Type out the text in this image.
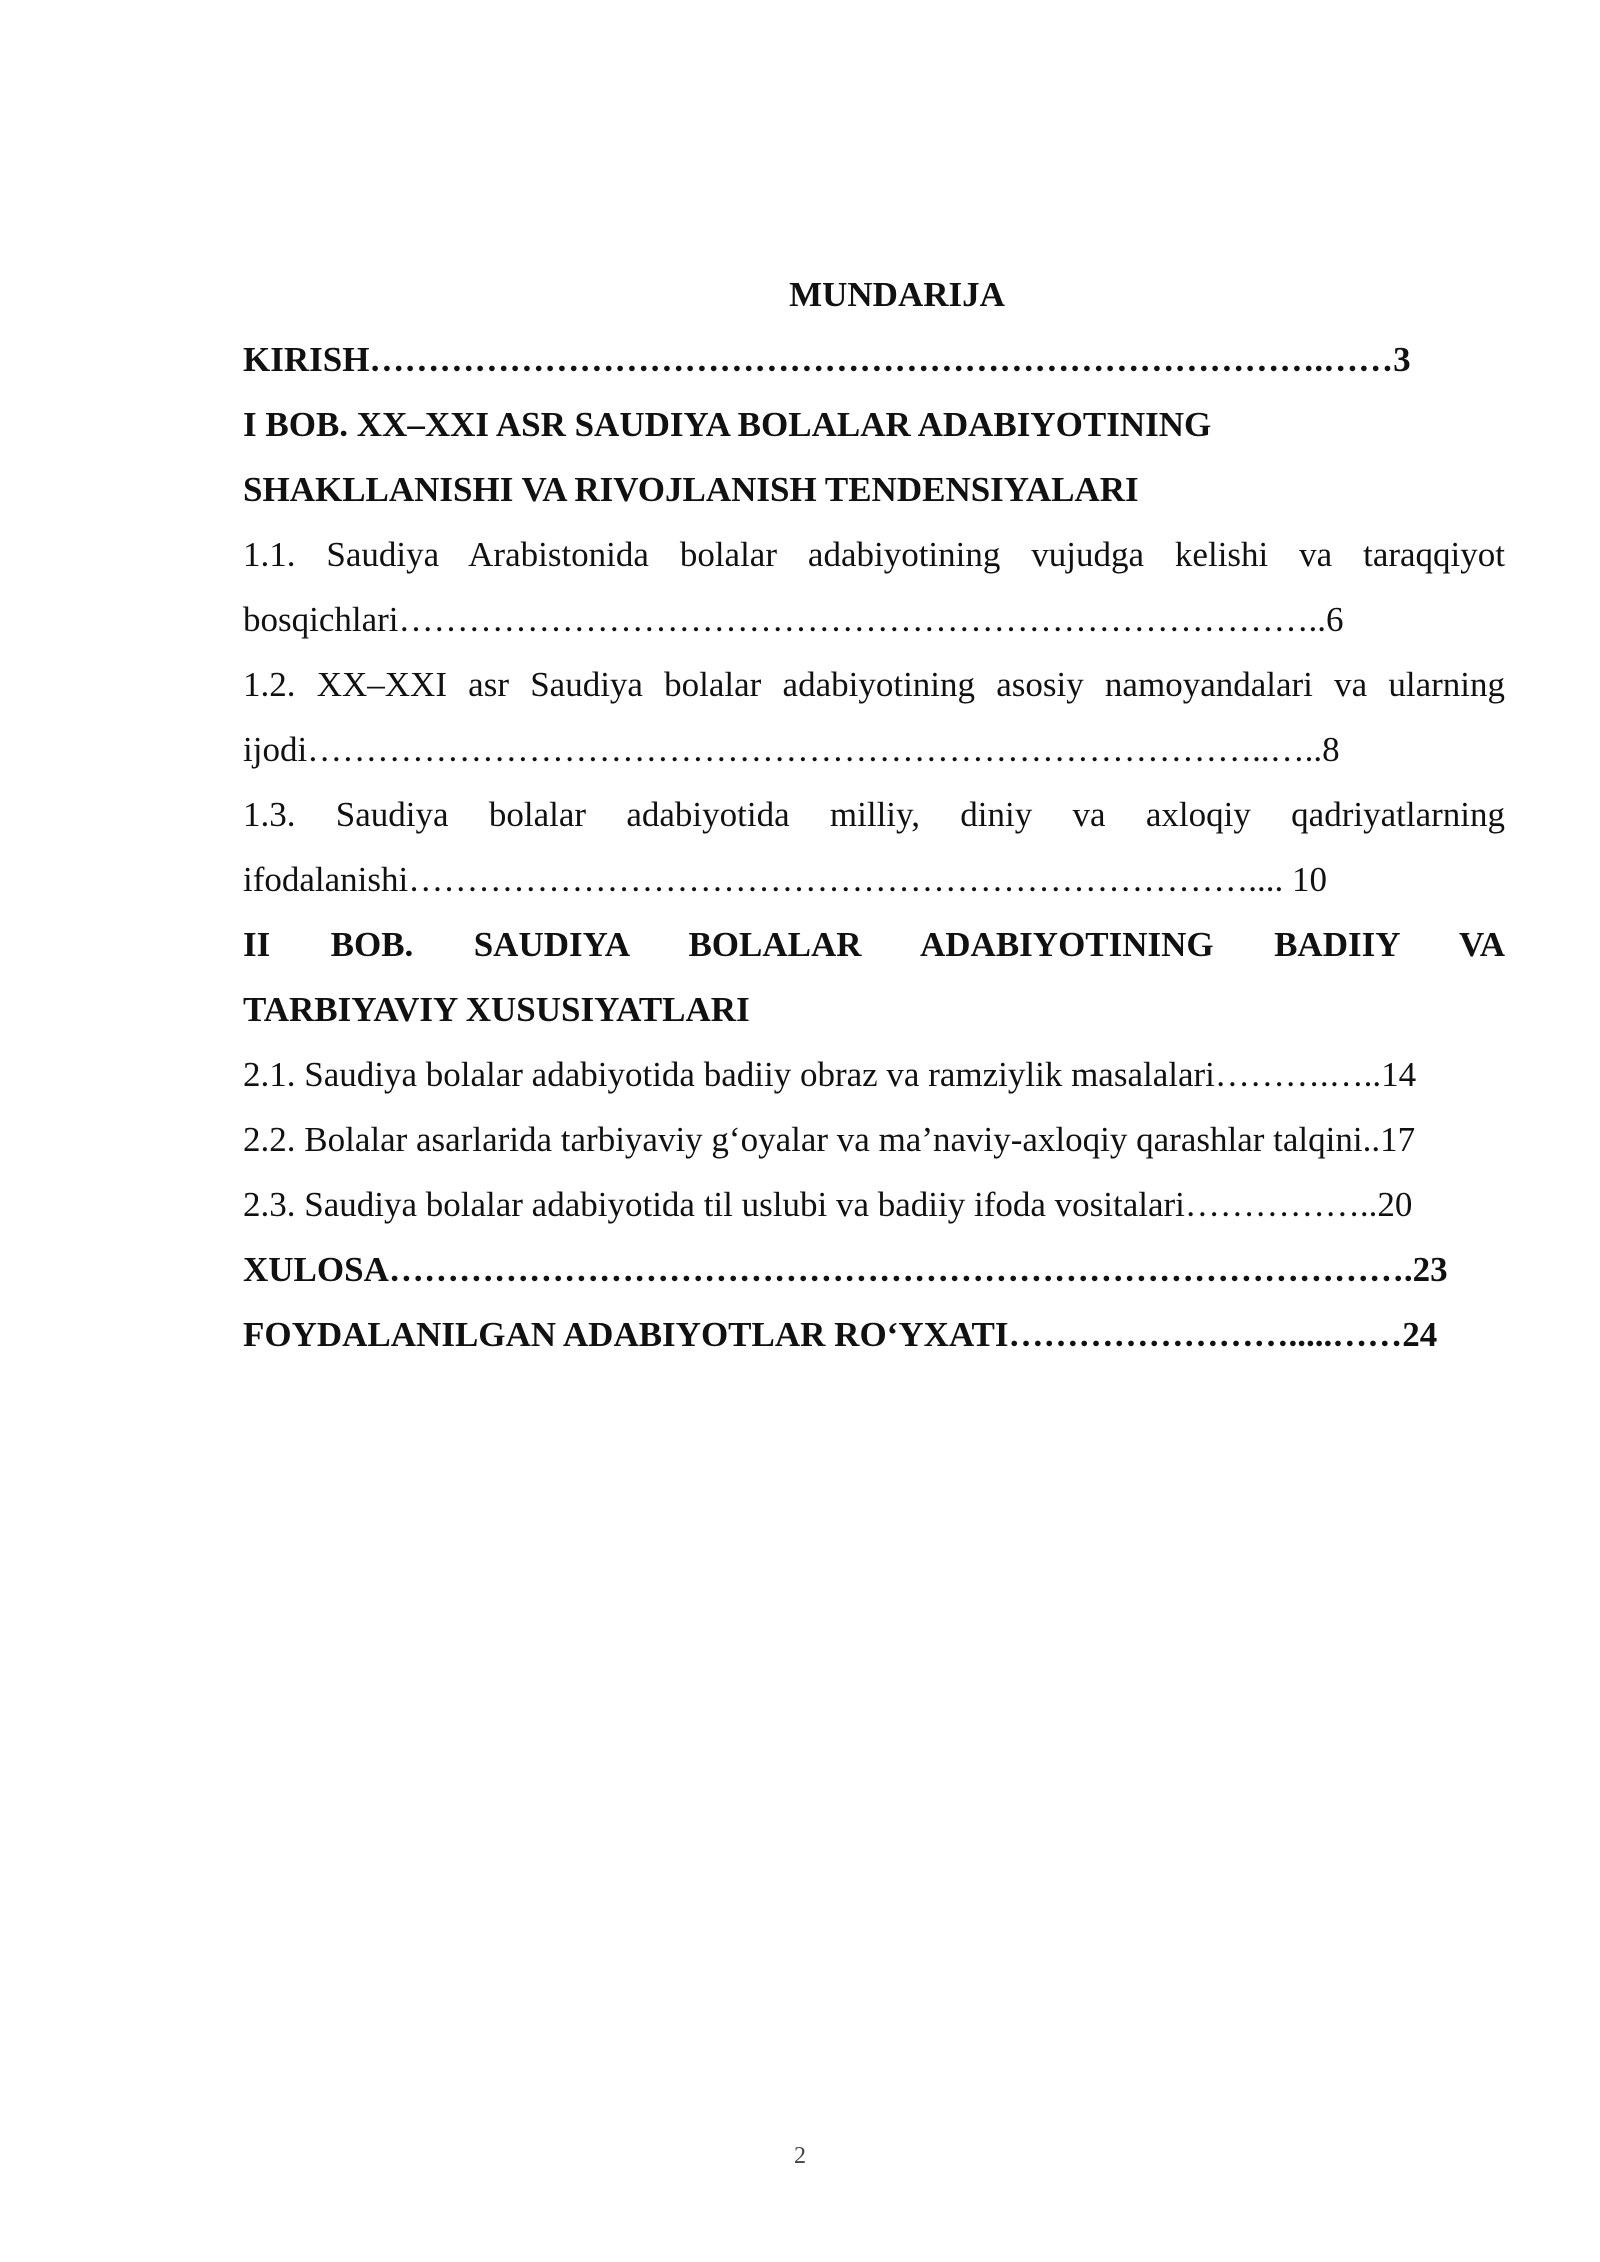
MUNDARIJA
KIRISH……………………………………………………………………….……3
I BOB. XX–XXI ASR SAUDIYA BOLALAR ADABIYOTINING
SHAKLLANISHI VA RIVOJLANISH TENDENSIYALARI
1.1. Saudiya Arabistonida bolalar adabiyotining vujudga kelishi va taraqqiyot
bosqichlari……………………………………………………………………..6
1.2. XX–XXI asr Saudiya bolalar adabiyotining asosiy namoyandalari va ularning
ijodi………………………………………………………………………..…..8
1.3. Saudiya bolalar adabiyotida milliy, diniy va axloqiy qadriyatlarning
ifodalanishi……………………………………………………………….... 10
II BOB. SAUDIYA BOLALAR ADABIYOTINING BADIIY VA
TARBIYAVIY XUSUSIYATLARI
2.1. Saudiya bolalar adabiyotida badiiy obraz va ramziylik masalalari……….…..14
2.2. Bolalar asarlarida tarbiyaviy g‘oyalar va ma’naviy-axloqiy qarashlar talqini..17
2.3. Saudiya bolalar adabiyotida til uslubi va badiiy ifoda vositalari……………..20
XULOSA…………………………………………………………………………….23
FOYDALANILGAN ADABIYOTLAR RO‘YXATI…………………….....……24
2
